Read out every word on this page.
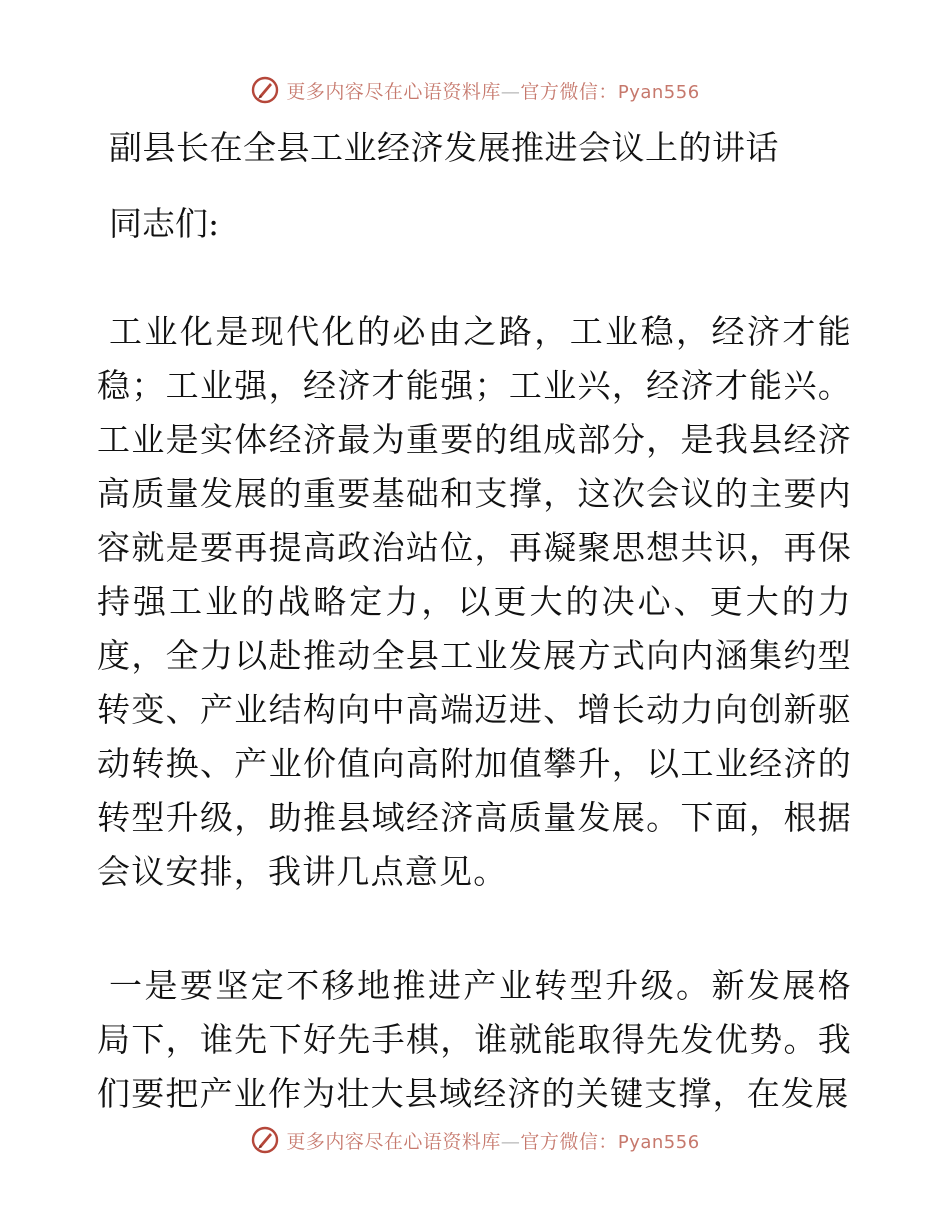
更多内容尽在心语资料库—官方微信：Pyan556
副县长在全县工业经济发展推进会议上的讲话
同志们:

工业化是现代化的必由之路，工业稳，经济才能稳；工业强，经济才能强；工业兴，经济才能兴。工业是实体经济最为重要的组成部分，是我县经济高质量发展的重要基础和支撑，这次会议的主要内容就是要再提高政治站位，再凝聚思想共识，再保持强工业的战略定力，以更大的决心、更大的力度，全力以赴推动全县工业发展方式向内涵集约型转变、产业结构向中高端迈进、增长动力向创新驱动转换、产业价值向高附加值攀升，以工业经济的转型升级，助推县域经济高质量发展。下面，根据会议安排，我讲几点意见。

一是要坚定不移地推进产业转型升级。新发展格局下，谁先下好先手棋，谁就能取得先发优势。我们要把产业作为壮大县域经济的关键支撑，在发展

更多内容尽在心语资料库—官方微信：Pyan556
